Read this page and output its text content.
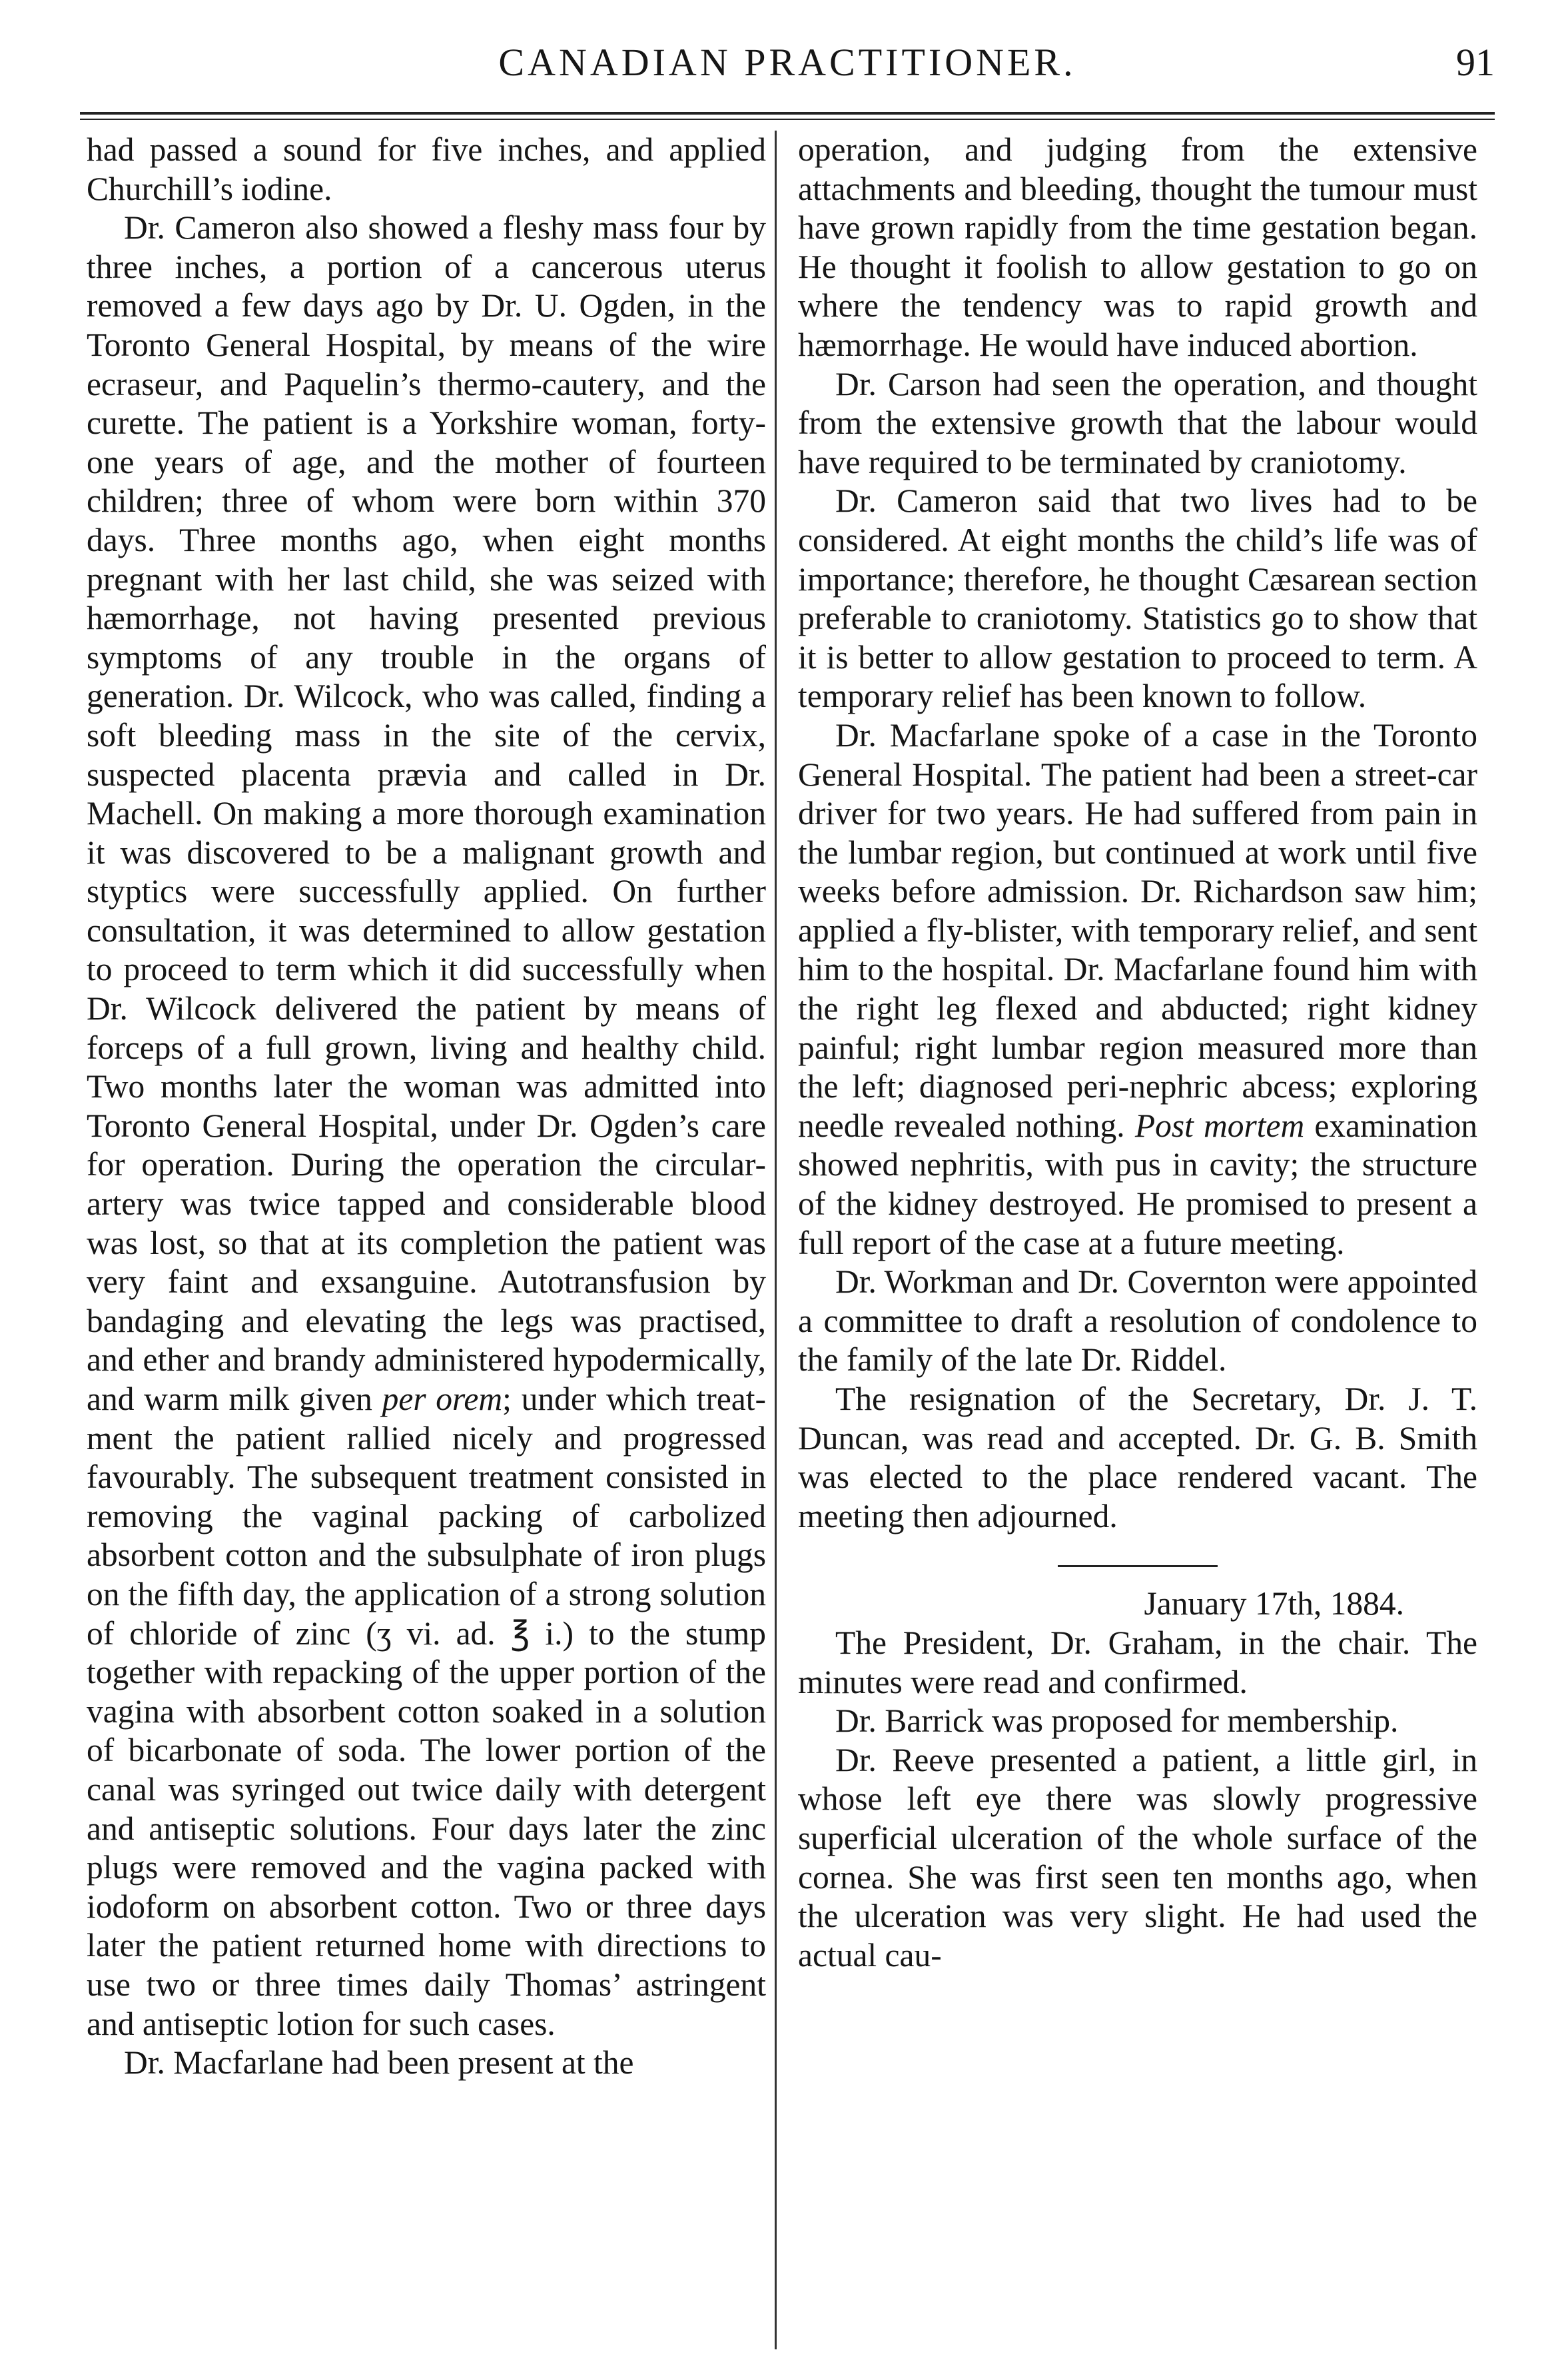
CANADIAN PRACTITIONER.	91

had passed a sound for five inches, and applied Churchill’s iodine.

Dr. Cameron also showed a fleshy mass four by three inches, a portion of a cancerous uterus removed a few days ago by Dr. U. Ogden, in the Toronto General Hospital, by means of the wire ecraseur, and Paquelin’s thermo-cautery, and the curette. The patient is a Yorkshire woman, forty-one years of age, and the mother of fourteen children; three of whom were born within 370 days. Three months ago, when eight months pregnant with her last child, she was seized with hæmorrhage, not having presented previous symptoms of any trouble in the organs of generation. Dr. Wilcock, who was called, finding a soft bleeding mass in the site of the cervix, suspected placenta prævia and called in Dr. Machell. On making a more thorough examination it was discovered to be a malignant growth and styptics were successfully applied. On further consultation, it was determined to allow gestation to proceed to term which it did successfully when Dr. Wilcock delivered the patient by means of forceps of a full grown, living and healthy child. Two months later the woman was admitted into Toronto General Hospital, under Dr. Ogden’s care for operation. During the operation the circular-artery was twice tapped and considerable blood was lost, so that at its completion the patient was very faint and exsanguine. Autotransfusion by bandaging and elevating the legs was practised, and ether and brandy administered hypodermically, and warm milk given per orem; under which treatment the patient rallied nicely and progressed favourably. The subsequent treatment consisted in removing the vaginal packing of carbolized absorbent cotton and the subsulphate of iron plugs on the fifth day, the application of a strong solution of chloride of zinc (ʒ vi. ad. ℥ i.) to the stump together with repacking of the upper portion of the vagina with absorbent cotton soaked in a solution of bicarbonate of soda. The lower portion of the canal was syringed out twice daily with detergent and antiseptic solutions. Four days later the zinc plugs were removed and the vagina packed with iodoform on absorbent cotton. Two or three days later the patient returned home with directions to use two or three times daily Thomas’ astringent and antiseptic lotion for such cases.

Dr. Macfarlane had been present at the

operation, and judging from the extensive attachments and bleeding, thought the tumour must have grown rapidly from the time gestation began. He thought it foolish to allow gestation to go on where the tendency was to rapid growth and hæmorrhage. He would have induced abortion.

Dr. Carson had seen the operation, and thought from the extensive growth that the labour would have required to be terminated by craniotomy.

Dr. Cameron said that two lives had to be considered. At eight months the child’s life was of importance; therefore, he thought Cæsarean section preferable to craniotomy. Statistics go to show that it is better to allow gestation to proceed to term. A temporary relief has been known to follow.

Dr. Macfarlane spoke of a case in the Toronto General Hospital. The patient had been a street-car driver for two years. He had suffered from pain in the lumbar region, but continued at work until five weeks before admission. Dr. Richardson saw him; applied a fly-blister, with temporary relief, and sent him to the hospital. Dr. Macfarlane found him with the right leg flexed and abducted; right kidney painful; right lumbar region measured more than the left; diagnosed peri-nephric abcess; exploring needle revealed nothing. Post mortem examination showed nephritis, with pus in cavity; the structure of the kidney destroyed. He promised to present a full report of the case at a future meeting.

Dr. Workman and Dr. Covernton were appointed a committee to draft a resolution of condolence to the family of the late Dr. Riddel.

The resignation of the Secretary, Dr. J. T. Duncan, was read and accepted. Dr. G. B. Smith was elected to the place rendered vacant. The meeting then adjourned.

January 17th, 1884.

The President, Dr. Graham, in the chair. The minutes were read and confirmed.

Dr. Barrick was proposed for membership.

Dr. Reeve presented a patient, a little girl, in whose left eye there was slowly progressive superficial ulceration of the whole surface of the cornea. She was first seen ten months ago, when the ulceration was very slight. He had used the actual cau-
